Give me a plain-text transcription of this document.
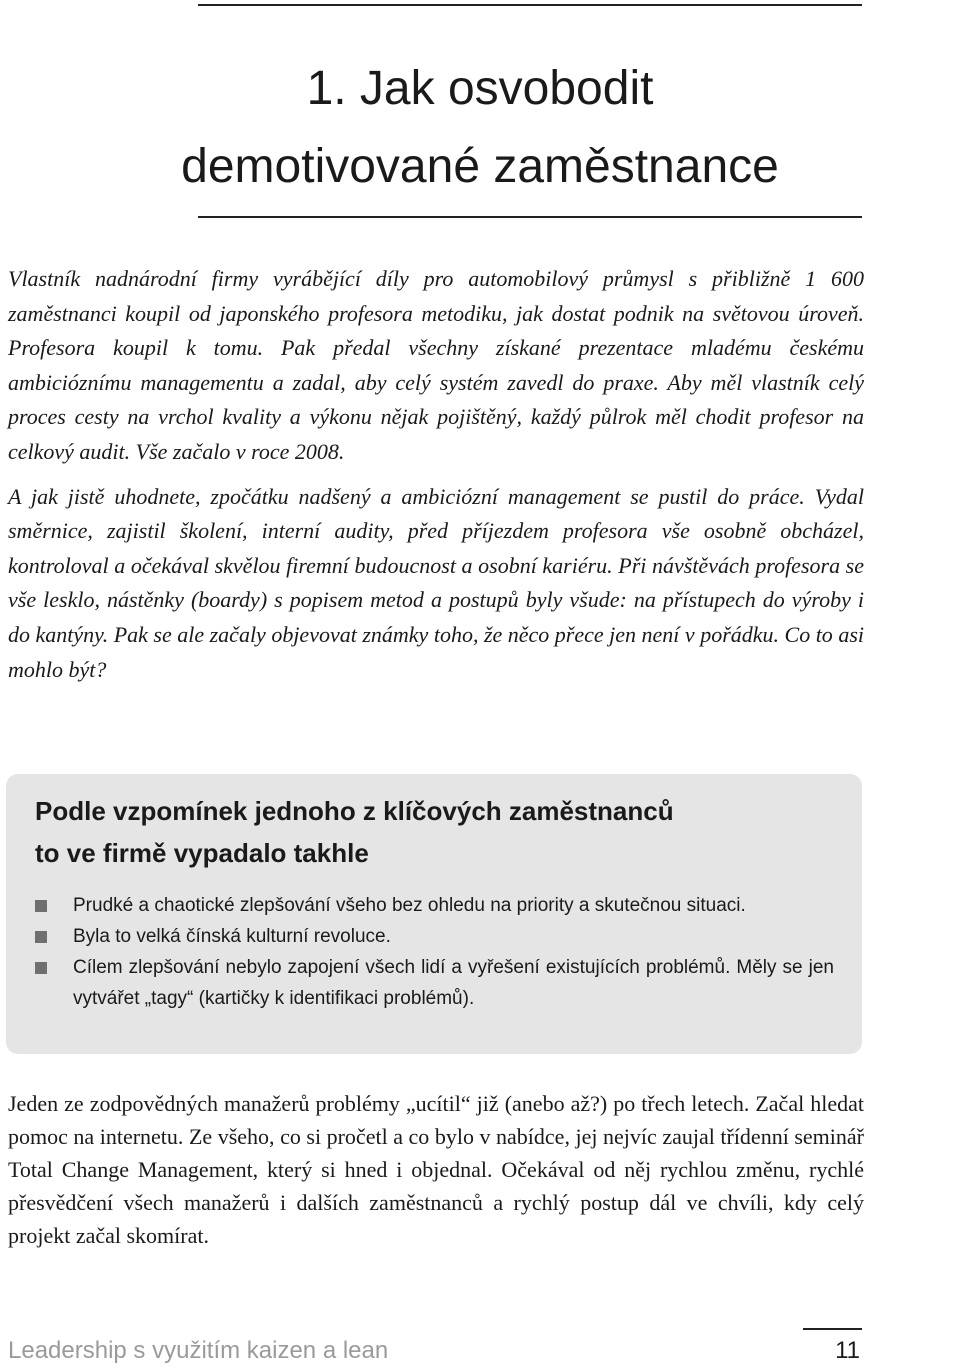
1. Jak osvobodit
demotivované zaměstnance

Vlastník nadnárodní firmy vyrábějící díly pro automobilový průmysl s přibližně 1 600 zaměstnanci koupil od japonského profesora metodiku, jak dostat podnik na světovou úroveň. Profesora koupil k tomu. Pak předal všechny získané prezentace mladému českému ambicióznímu managementu a zadal, aby celý systém zavedl do praxe. Aby měl vlastník celý proces cesty na vrchol kvality a výkonu nějak pojištěný, každý půlrok měl chodit profesor na celkový audit. Vše začalo v roce 2008.

A jak jistě uhodnete, zpočátku nadšený a ambiciózní management se pustil do práce. Vydal směrnice, zajistil školení, interní audity, před příjezdem profesora vše osobně obcházel, kontroloval a očekával skvělou firemní budoucnost a osobní kariéru. Při návštěvách profesora se vše lesklo, nástěnky (boardy) s popisem metod a postupů byly všude: na přístupech do výroby i do kantýny. Pak se ale začaly objevovat známky toho, že něco přece jen není v pořádku. Co to asi mohlo být?

Podle vzpomínek jednoho z klíčových zaměstnanců
to ve firmě vypadalo takhle
Prudké a chaotické zlepšování všeho bez ohledu na priority a skutečnou situaci.
Byla to velká čínská kulturní revoluce.
Cílem zlepšování nebylo zapojení všech lidí a vyřešení existujících problémů. Měly se jen vytvářet „tagy“ (kartičky k identifikaci problémů).

Jeden ze zodpovědných manažerů problémy „ucítil“ již (anebo až?) po třech letech. Začal hledat pomoc na internetu. Ze všeho, co si pročetl a co bylo v nabídce, jej nejvíc zaujal třídenní seminář Total Change Management, který si hned i objednal. Očekával od něj rychlou změnu, rychlé přesvědčení všech manažerů i dalších zaměstnanců a rychlý postup dál ve chvíli, kdy celý projekt začal skomírat.

Leadership s využitím kaizen a lean	11
